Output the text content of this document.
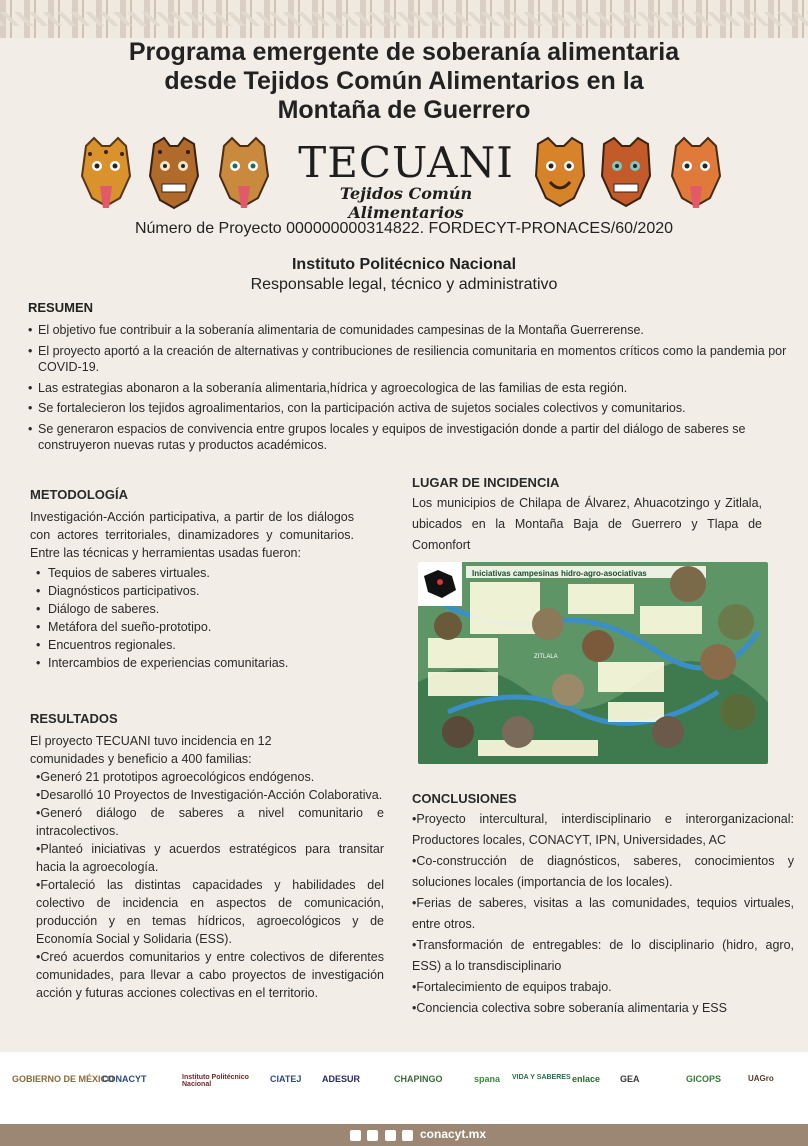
Programa emergente de soberanía alimentaria
desde Tejidos Común Alimentarios en la
Montaña de Guerrero
TECUANI
Tejidos Común Alimentarios
Número de Proyecto 000000000314822. FORDECYT-PRONACES/60/2020
Instituto Politécnico Nacional
Responsable legal, técnico y administrativo
RESUMEN
• El objetivo fue contribuir a la soberanía alimentaria de comunidades campesinas de la Montaña Guerrerense.
• El proyecto aportó a la creación de alternativas y contribuciones de resiliencia comunitaria en momentos críticos como la pandemia por COVID-19.
• Las estrategias abonaron a la soberanía alimentaria,hídrica y agroecologica de las familias de esta región.
• Se fortalecieron los tejidos agroalimentarios, con la participación activa de sujetos sociales colectivos y comunitarios.
• Se generaron espacios de convivencia entre grupos locales y equipos de investigación donde a partir del diálogo de saberes se construyeron nuevas rutas y productos académicos.
METODOLOGÍA
Investigación-Acción participativa, a partir de los diálogos con actores territoriales, dinamizadores y comunitarios. Entre las técnicas y herramientas usadas fueron:
• Tequios de saberes virtuales.
• Diagnósticos participativos.
• Diálogo de saberes.
• Metáfora del sueño-prototipo.
• Encuentros regionales.
• Intercambios de experiencias comunitarias.
RESULTADOS
El proyecto TECUANI tuvo incidencia en 12 comunidades y beneficio a 400 familias:
•Generó 21 prototipos agroecológicos endógenos.
•Desarolló 10 Proyectos de Investigación-Acción Colaborativa.
•Generó diálogo de saberes a nivel comunitario e intracolectivos.
•Planteó iniciativas y acuerdos estratégicos para transitar hacia la agroecología.
•Fortaleció las distintas capacidades y habilidades del colectivo de incidencia en aspectos de comunicación, producción y en temas hídricos, agroecológicos y de Economía Social y Solidaria (ESS).
•Creó acuerdos comunitarios y entre colectivos de diferentes comunidades, para llevar a cabo proyectos de investigación acción y futuras acciones colectivas en el territorio.
LUGAR DE INCIDENCIA
Los municipios de Chilapa de Álvarez, Ahuacotzingo y Zitlala, ubicados en la Montaña Baja de Guerrero y Tlapa de Comonfort
Iniciativas campesinas hidro-agro-asociativas
ZITLALA
CONCLUSIONES
•Proyecto intercultural, interdisciplinario e interorganizacional: Productores locales, CONACYT, IPN, Universidades, AC
•Co-construcción de diagnósticos, saberes, conocimientos y soluciones locales (importancia de los locales).
•Ferias de saberes, visitas a las comunidades, tequios virtuales, entre otros.
•Transformación de entregables: de lo disciplinario (hidro, agro, ESS) a lo transdisciplinario
•Fortalecimiento de equipos trabajo.
•Conciencia colectiva sobre soberanía alimentaria y ESS
GOBIERNO DE MÉXICO
CONACYT	Instituto Politécnico Nacional
CIATEJ ADESUR	CHAPINGO	spana VIDA Y SABERES enlace GEA	GICOPS	UAGro

conacyt.mx
